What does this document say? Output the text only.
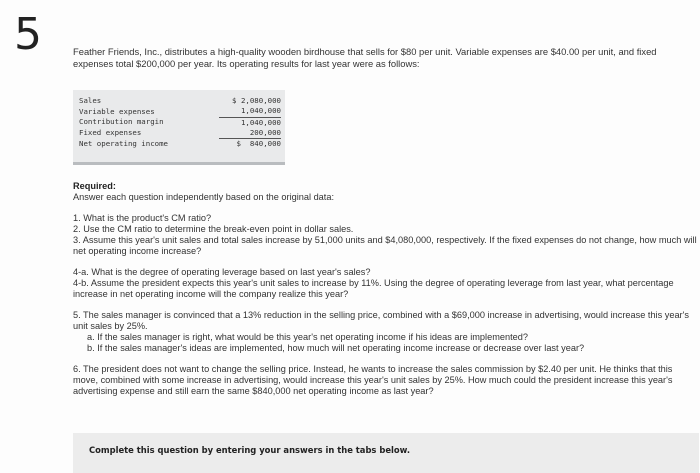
5	Feather Friends, Inc., distributes a high-quality wooden birdhouse that sells for $80 per unit. Variable expenses are $40.00 per unit, and fixed expenses total $200,000 per year. Its operating results for last year were as follows:
Sales	$ 2,080,000
Variable expenses	1,040,000
Contribution margin	1,040,000
Fixed expenses	200,000
Net operating income	$  840,000
Required:
Answer each question independently based on the original data:

1. What is the product's CM ratio?

2. Use the CM ratio to determine the break-even point in dollar sales.

3. Assume this year's unit sales and total sales increase by 51,000 units and $4,080,000, respectively. If the fixed expenses do not change, how much will net operating income increase?

4-a. What is the degree of operating leverage based on last year's sales?

4-b. Assume the president expects this year's unit sales to increase by 11%. Using the degree of operating leverage from last year, what percentage increase in net operating income will the company realize this year?

5. The sales manager is convinced that a 13% reduction in the selling price, combined with a $69,000 increase in advertising, would increase this year's unit sales by 25%.

a. If the sales manager is right, what would be this year's net operating income if his ideas are implemented?

b. If the sales manager's ideas are implemented, how much will net operating income increase or decrease over last year?

6. The president does not want to change the selling price. Instead, he wants to increase the sales commission by $2.40 per unit. He thinks that this move, combined with some increase in advertising, would increase this year's unit sales by 25%. How much could the president increase this year's advertising expense and still earn the same $840,000 net operating income as last year?

Complete this question by entering your answers in the tabs below.
